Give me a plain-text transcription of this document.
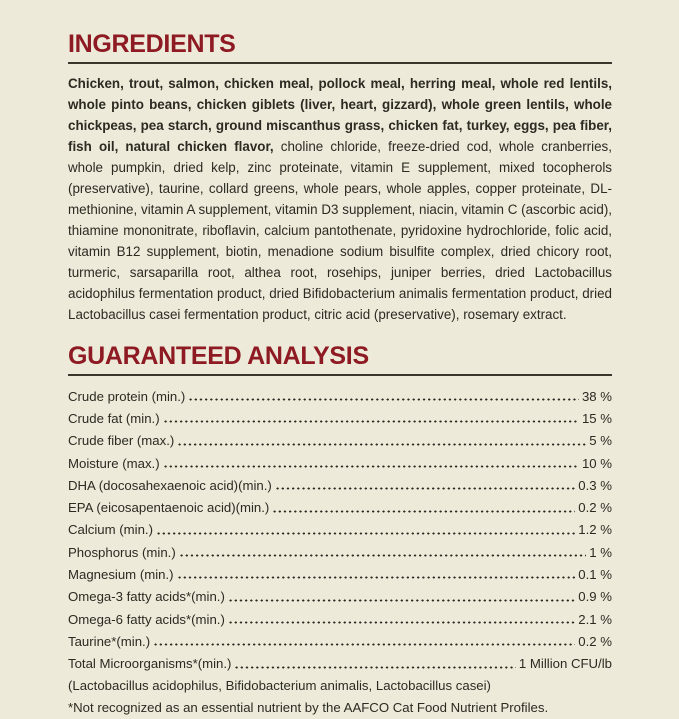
INGREDIENTS

Chicken, trout, salmon, chicken meal, pollock meal, herring meal, whole red lentils, whole pinto beans, chicken giblets (liver, heart, gizzard), whole green lentils, whole chickpeas, pea starch, ground miscanthus grass, chicken fat, turkey, eggs, pea fiber, fish oil, natural chicken flavor, choline chloride, freeze-dried cod, whole cranberries, whole pumpkin, dried kelp, zinc proteinate, vitamin E supplement, mixed tocopherols (preservative), taurine, collard greens, whole pears, whole apples, copper proteinate, DL-methionine, vitamin A supplement, vitamin D3 supplement, niacin, vitamin C (ascorbic acid), thiamine mononitrate, riboflavin, calcium pantothenate, pyridoxine hydrochloride, folic acid, vitamin B12 supplement, biotin, menadione sodium bisulfite complex, dried chicory root, turmeric, sarsaparilla root, althea root, rosehips, juniper berries, dried Lactobacillus acidophilus fermentation product, dried Bifidobacterium animalis fermentation product, dried Lactobacillus casei fermentation product, citric acid (preservative), rosemary extract.

GUARANTEED ANALYSIS
Crude protein (min.)	38 %
Crude fat (min.)	15 %
Crude fiber (max.)	5 %
Moisture (max.)	10 %
DHA (docosahexaenoic acid)(min.)	0.3 %
EPA (eicosapentaenoic acid)(min.)	0.2 %
Calcium (min.)	1.2 %
Phosphorus (min.)	1 %
Magnesium (min.)	0.1 %
Omega-3 fatty acids*(min.)	0.9 %
Omega-6 fatty acids*(min.)	2.1 %
Taurine*(min.)	0.2 %
Total Microorganisms*(min.)	1 Million CFU/lb

(Lactobacillus acidophilus, Bifidobacterium animalis, Lactobacillus casei)

*Not recognized as an essential nutrient by the AAFCO Cat Food Nutrient Profiles.
